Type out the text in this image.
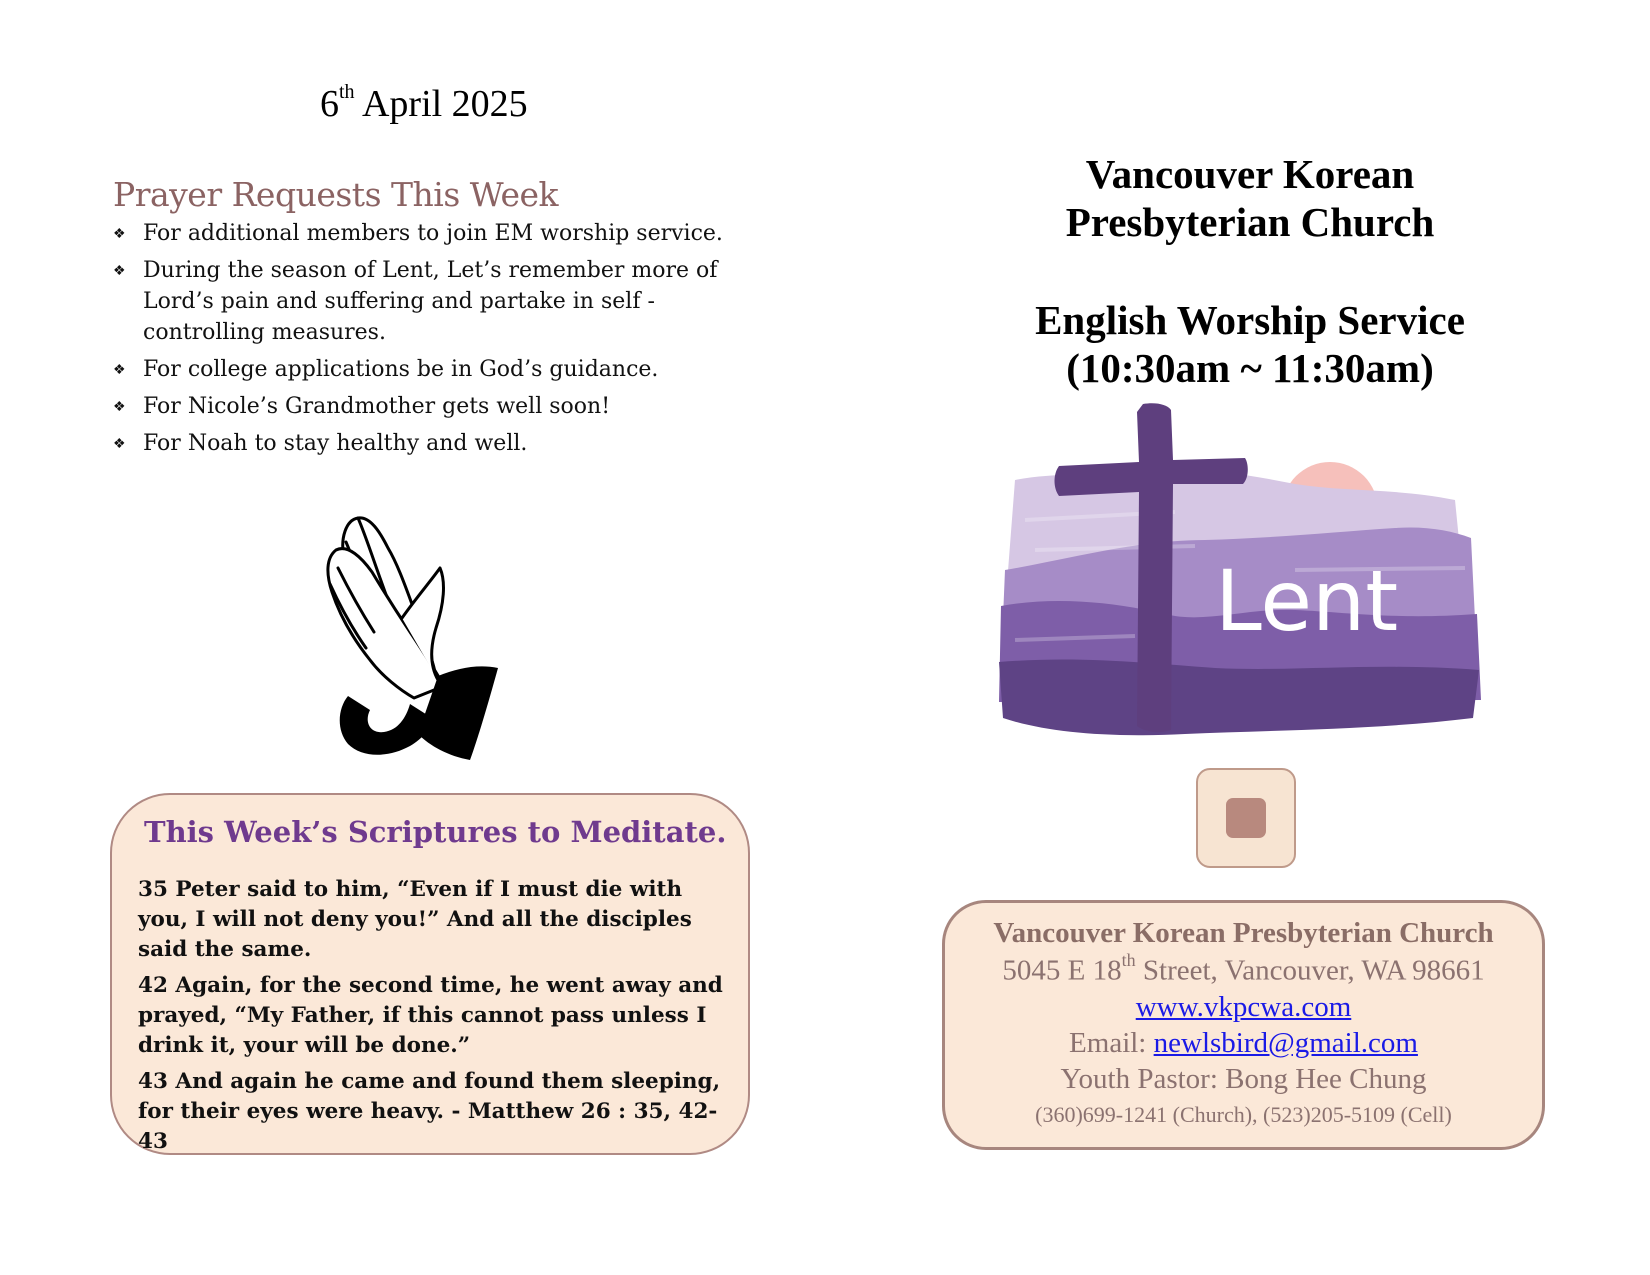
6th April 2025
Prayer Requests This Week
❖ For additional members to join EM worship service.
❖ During the season of Lent, Let’s remember more of Lord’s pain and suffering and partake in self - controlling measures.
❖ For college applications be in God’s guidance.
❖ For Nicole’s Grandmother gets well soon!
❖ For Noah to stay healthy and well.
This Week’s Scriptures to Meditate.

35 Peter said to him, “Even if I must die with you, I will not deny you!” And all the disciples said the same.

42 Again, for the second time, he went away and prayed, “My Father, if this cannot pass unless I drink it, your will be done.”

43 And again he came and found them sleeping, for their eyes were heavy. - Matthew 26 : 35, 42-43

Vancouver Korean
Presbyterian Church
English Worship Service
(10:30am ~ 11:30am)
Lent
Vancouver Korean Presbyterian Church
5045 E 18th Street, Vancouver, WA 98661
www.vkpcwa.com
Email: newlsbird@gmail.com
Youth Pastor: Bong Hee Chung
(360)699-1241 (Church), (523)205-5109 (Cell)
